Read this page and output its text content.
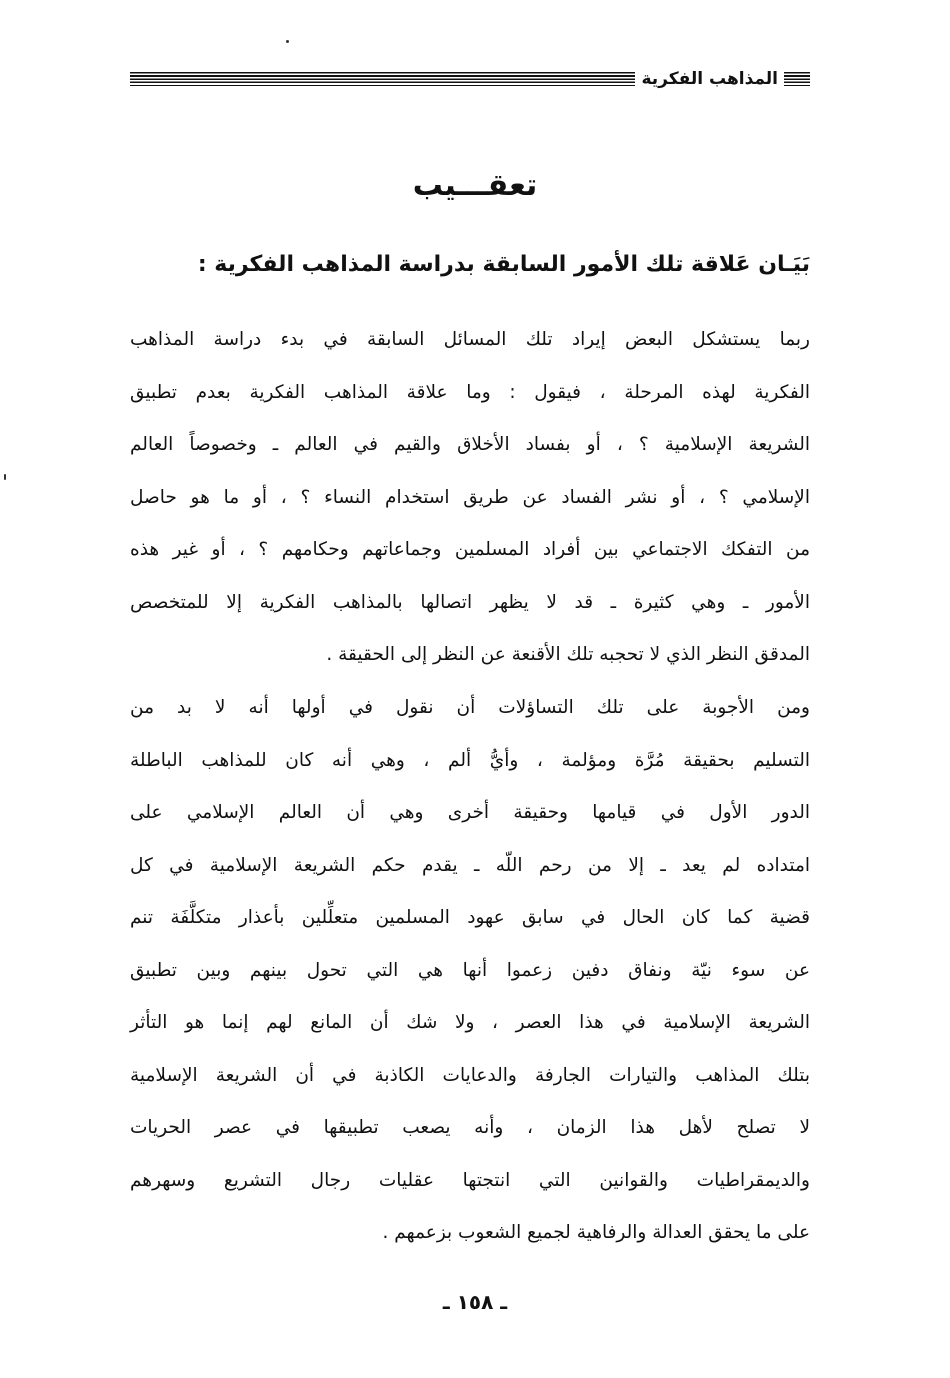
المذاهب الفكرية
تعقـــيب
بَيَـان عَلاقة تلك الأمور السابقة بدراسة المذاهب الفكرية :
ربما يستشكل البعض إيراد تلك المسائل السابقة في بدء دراسة المذاهب
الفكرية لهذه المرحلة ، فيقول : وما علاقة المذاهب الفكرية بعدم تطبيق
الشريعة الإسلامية ؟ ، أو بفساد الأخلاق والقيم في العالم ـ وخصوصاً العالم
الإسلامي ؟ ، أو نشر الفساد عن طريق استخدام النساء ؟ ، أو ما هو حاصل
من التفكك الاجتماعي بين أفراد المسلمين وجماعاتهم وحكامهم ؟ ، أو غير هذه
الأمور ـ وهي كثيرة ـ قد لا يظهر اتصالها بالمذاهب الفكرية إلا للمتخصص
المدقق النظر الذي لا تحجبه تلك الأقنعة عن النظر إلى الحقيقة .
ومن الأجوبة على تلك التساؤلات أن نقول في أولها أنه لا بد من
التسليم بحقيقة مُرَّة ومؤلمة ، وأيُّ ألم ، وهي أنه كان للمذاهب الباطلة
الدور الأول في قيامها وحقيقة أخرى وهي أن العالم الإسلامي على
امتداده لم يعد ـ إلا من رحم اللّه ـ يقدم حكم الشريعة الإسلامية في كل
قضية كما كان الحال في سابق عهود المسلمين متعلِّلين بأعذار متكلَّفَة تنم
عن سوء نيّة ونفاق دفين زعموا أنها هي التي تحول بينهم وبين تطبيق
الشريعة الإسلامية في هذا العصر ، ولا شك أن المانع لهم إنما هو التأثر
بتلك المذاهب والتيارات الجارفة والدعايات الكاذبة في أن الشريعة الإسلامية
لا تصلح لأهل هذا الزمان ، وأنه يصعب تطبيقها في عصر الحريات
والديمقراطيات والقوانين التي انتجتها عقليات رجال التشريع وسهرهم
على ما يحقق العدالة والرفاهية لجميع الشعوب بزعمهم .
ـ ١٥٨ ـ
